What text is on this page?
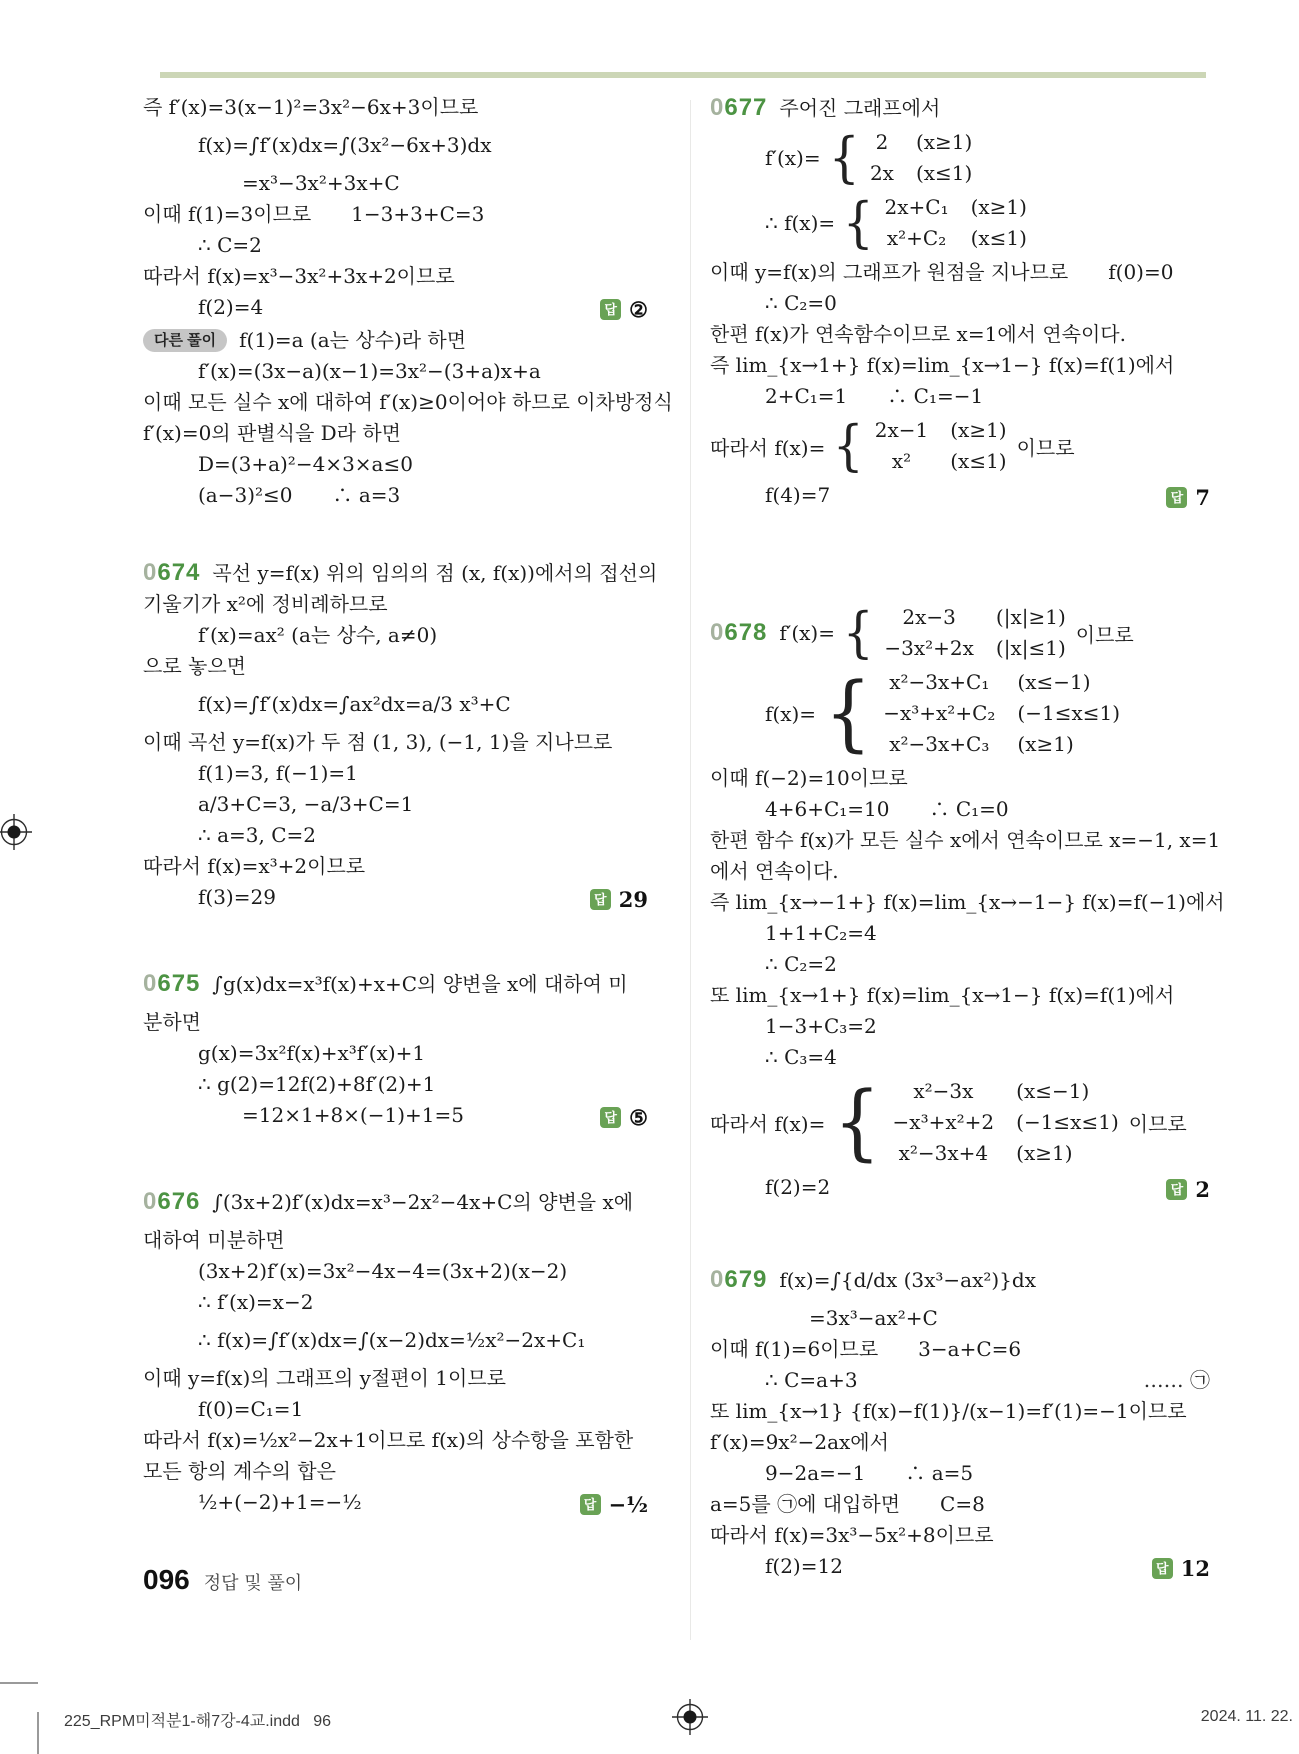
즉 f′(x)=3(x−1)²=3x²−6x+3이므로
f(x)=∫f′(x)dx=∫(3x²−6x+3)dx
=x³−3x²+3x+C
이때 f(1)=3이므로　　1−3+3+C=3
∴ C=2
따라서 f(x)=x³−3x²+3x+2이므로
f(2)=4	답 ②
다른 풀이	f(1)=a (a는 상수)라 하면
f′(x)=(3x−a)(x−1)=3x²−(3+a)x+a
이때 모든 실수 x에 대하여 f′(x)≥0이어야 하므로 이차방정식
f′(x)=0의 판별식을 D라 하면
D=(3+a)²−4×3×a≤0
(a−3)²≤0　　∴ a=3
0674 곡선 y=f(x) 위의 임의의 점 (x, f(x))에서의 접선의
기울기가 x²에 정비례하므로
f′(x)=ax² (a는 상수, a≠0)
으로 놓으면
f(x)=∫f′(x)dx=∫ax²dx=a/3 x³+C
이때 곡선 y=f(x)가 두 점 (1, 3), (−1, 1)을 지나므로
f(1)=3, f(−1)=1
a/3+C=3, −a/3+C=1
∴ a=3, C=2
따라서 f(x)=x³+2이므로
f(3)=29	답 29
0675 ∫g(x)dx=x³f(x)+x+C의 양변을 x에 대하여 미
분하면
g(x)=3x²f(x)+x³f′(x)+1
∴ g(2)=12f(2)+8f′(2)+1
=12×1+8×(−1)+1=5	답 ⑤
0676 ∫(3x+2)f′(x)dx=x³−2x²−4x+C의 양변을 x에
대하여 미분하면
(3x+2)f′(x)=3x²−4x−4=(3x+2)(x−2)
∴ f′(x)=x−2
∴ f(x)=∫f′(x)dx=∫(x−2)dx=½x²−2x+C₁
이때 y=f(x)의 그래프의 y절편이 1이므로
f(0)=C₁=1
따라서 f(x)=½x²−2x+1이므로 f(x)의 상수항을 포함한
모든 항의 계수의 합은
½+(−2)+1=−½	답 −½
0677 주어진 그래프에서
f′(x)= { 2 (x≥1)
2x (x≤1)
∴ f(x)= { 2x+C₁ (x≥1)
x²+C₂ (x≤1)
이때 y=f(x)의 그래프가 원점을 지나므로　　f(0)=0
∴ C₂=0
한편 f(x)가 연속함수이므로 x=1에서 연속이다.
즉 lim_{x→1+} f(x)=lim_{x→1−} f(x)=f(1)에서
2+C₁=1　　∴ C₁=−1
따라서 f(x)= { 2x−1 (x≥1)
x² (x≤1)
이므로
f(4)=7	답 7
0678 f′(x)= { 2x−3 (|x|≥1)
−3x²+2x (|x|≤1)
이므로
f(x)= { x²−3x+C₁ (x≤−1)
−x³+x²+C₂ (−1≤x≤1)
x²−3x+C₃ (x≥1)
이때 f(−2)=10이므로
4+6+C₁=10　　∴ C₁=0
한편 함수 f(x)가 모든 실수 x에서 연속이므로 x=−1, x=1
에서 연속이다.
즉 lim_{x→−1+} f(x)=lim_{x→−1−} f(x)=f(−1)에서
1+1+C₂=4
∴ C₂=2
또 lim_{x→1+} f(x)=lim_{x→1−} f(x)=f(1)에서
1−3+C₃=2
∴ C₃=4
따라서 f(x)= { x²−3x (x≤−1)
−x³+x²+2 (−1≤x≤1)
x²−3x+4 (x≥1)
이므로
f(2)=2	답 2
0679 f(x)=∫{d/dx (3x³−ax²)}dx
=3x³−ax²+C
이때 f(1)=6이므로　　3−a+C=6
∴ C=a+3	…… ㉠
또 lim_{x→1} {f(x)−f(1)}/(x−1)=f′(1)=−1이므로
f′(x)=9x²−2ax에서
9−2a=−1　　∴ a=5
a=5를 ㉠에 대입하면　　C=8
따라서 f(x)=3x³−5x²+8이므로
f(2)=12	답 12
096 정답 및 풀이
225_RPM미적분1-해7강-4교.indd   96	2024. 11. 22.
